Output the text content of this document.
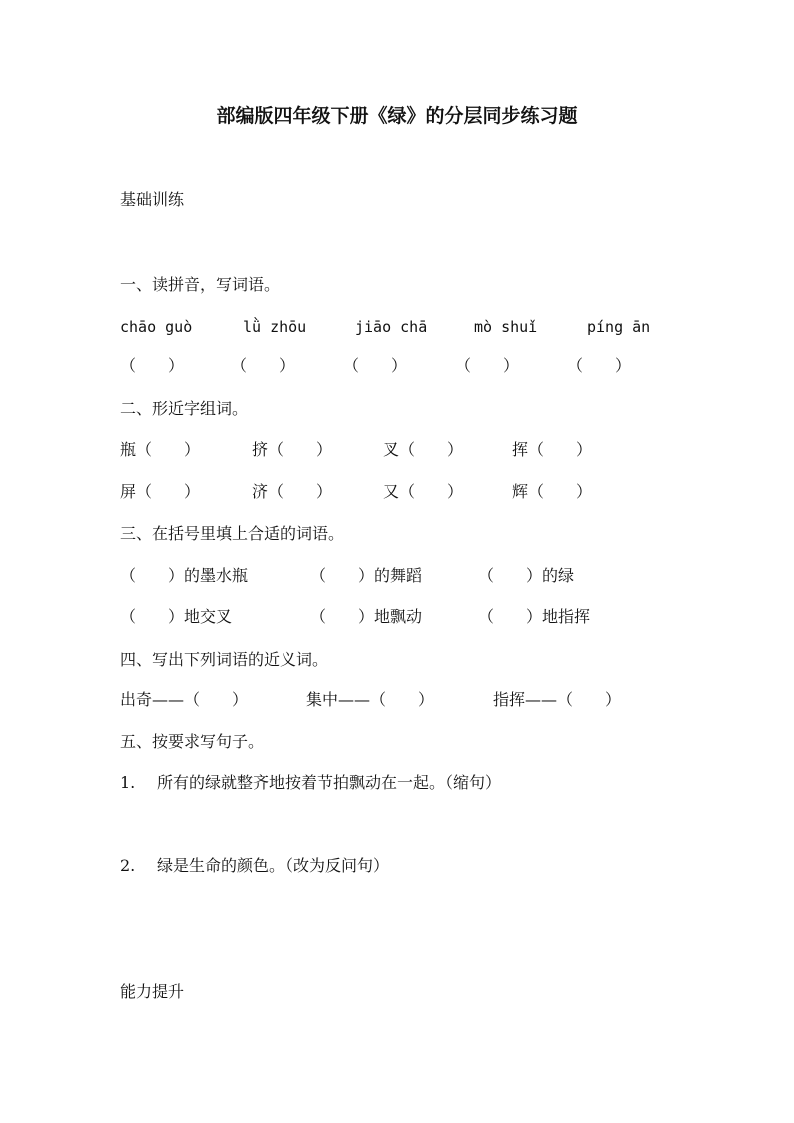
部编版四年级下册《绿》的分层同步练习题
基础训练
一、读拼音，写词语。
chāo guò	lǜ zhōu	jiāo chā	mò shuǐ	píng ān
（　　）	（　　）	（　　）	（　　）	（　　）
二、形近字组词。
瓶（　　）	挤（　　）	叉（　　）	挥（　　）
屏（　　）	济（　　）	又（　　）	辉（　　）
三、在括号里填上合适的词语。
（　　）的墨水瓶	（　　）的舞蹈	（　　）的绿
（　　）地交叉	（　　）地飘动	（　　）地指挥
四、写出下列词语的近义词。
出奇——（　　）	集中——（　　）	指挥——（　　）
五、按要求写句子。
1. 所有的绿就整齐地按着节拍飘动在一起。（缩句）
2. 绿是生命的颜色。（改为反问句）
能力提升
